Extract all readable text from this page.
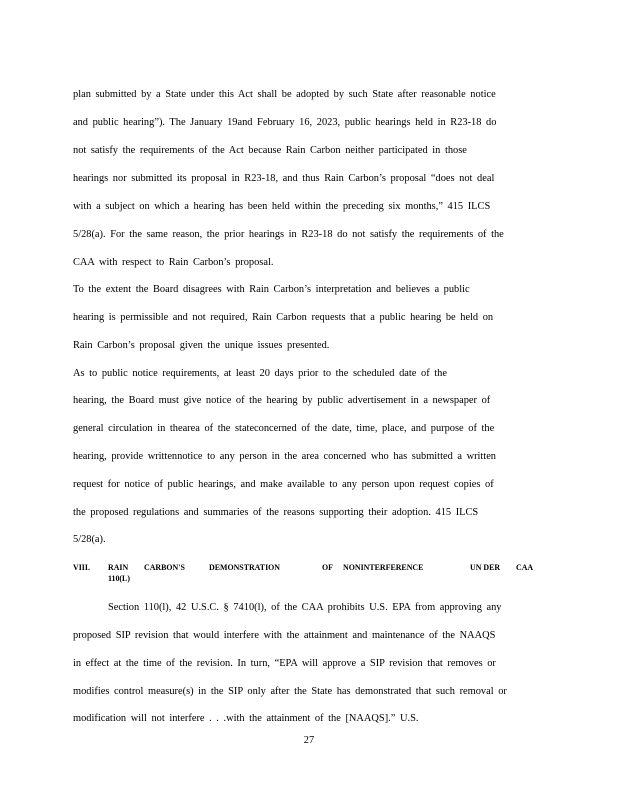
plan submitted by a State under this Act shall be adopted by such State after reasonable notice
and public hearing”). The January 19and February 16, 2023, public hearings held in R23-18 do
not satisfy the requirements of the Act because Rain Carbon neither participated in those
hearings nor submitted its proposal in R23-18, and thus Rain Carbon’s proposal “does not deal
with a subject on which a hearing has been held within the preceding six months,” 415 ILCS
5/28(a). For the same reason, the prior hearings in R23-18 do not satisfy the requirements of the
CAA with respect to Rain Carbon’s proposal.
To the extent the Board disagrees with Rain Carbon’s interpretation and believes a public
hearing is permissible and not required, Rain Carbon requests that a public hearing be held on
Rain Carbon’s proposal given the unique issues presented.
As to public notice requirements, at least 20 days prior to the scheduled date of the
hearing, the Board must give notice of the hearing by public advertisement in a newspaper of
general circulation in thearea of the stateconcerned of the date, time, place, and purpose of the
hearing, provide writtennotice to any person in the area concerned who has submitted a written
request for notice of public hearings, and make available to any person upon request copies of
the proposed regulations and summaries of the reasons supporting their adoption. 415 ILCS
5/28(a).
VIII. RAIN CARBON'S	DEMONSTRATION	OF NONINTERFERENCE	UN DER CAA
110(L)
Section 110(l), 42 U.S.C. § 7410(l), of the CAA prohibits U.S. EPA from approving any
proposed SIP revision that would interfere with the attainment and maintenance of the NAAQS
in effect at the time of the revision. In turn, “EPA will approve a SIP revision that removes or
modifies control measure(s) in the SIP only after the State has demonstrated that such removal or
modification will not interfere . . .with the attainment of the [NAAQS].” U.S.
27
